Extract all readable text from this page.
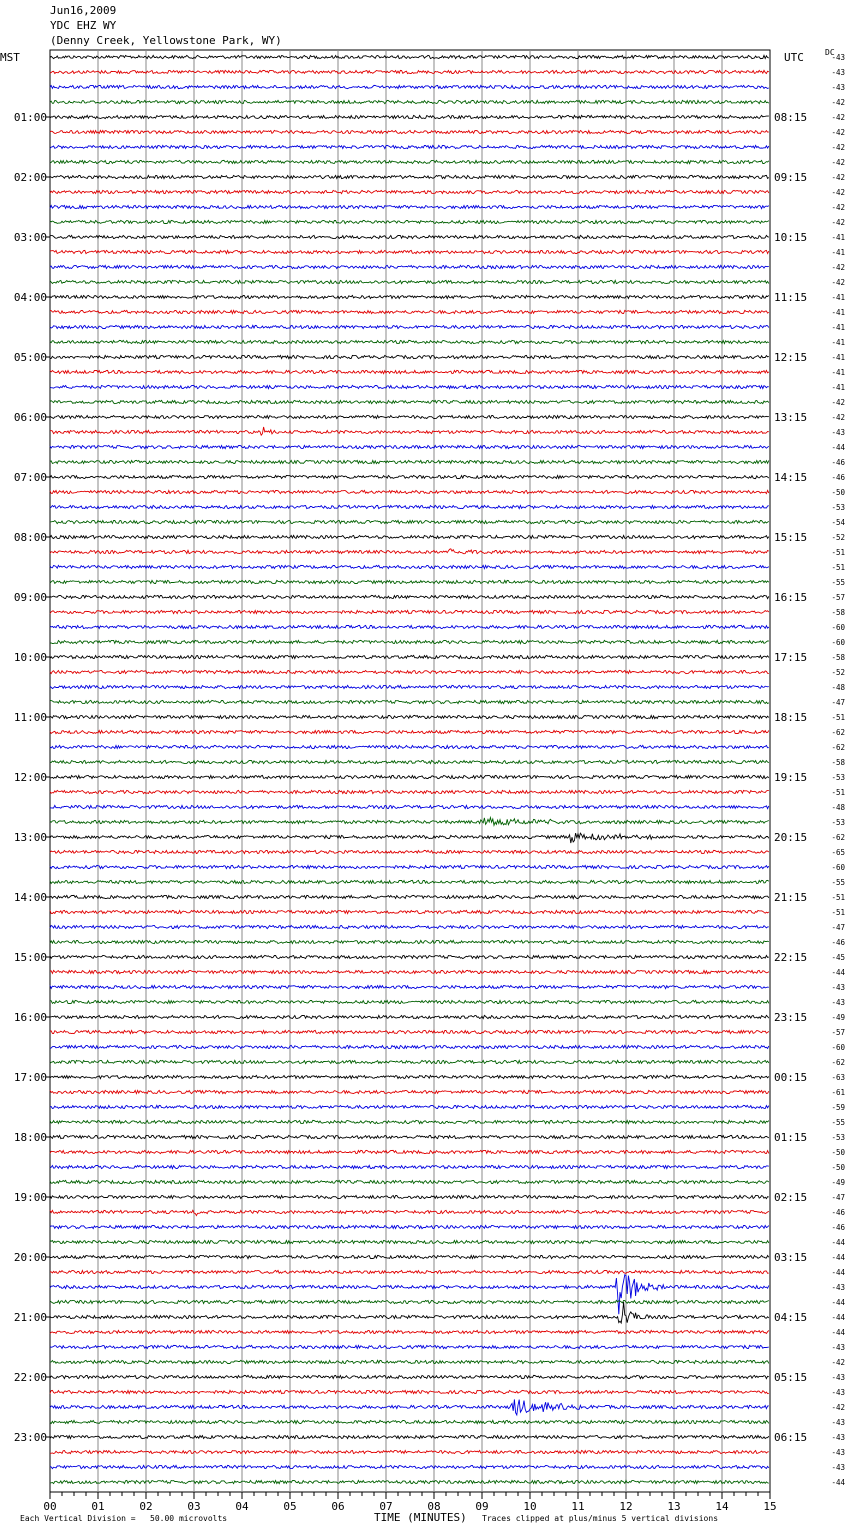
Jun16,2009
YDC EHZ WY
(Denny Creek, Yellowstone Park, WY)
MST	UTC	DC
00	01	02	03	04	05	06	07	08	09	10	11	12	13	14	15
-43
-43
-43
-42
-42
01:00	08:15
-42
-42
-42
-42
02:00	09:15
-42
-42
-42
-41
03:00	10:15
-41
-42
-42
-41
04:00	11:15
-41
-41
-41
-41
05:00	12:15
-41
-41
-42
-42
06:00	13:15
-43
-44
-46
-46
07:00	14:15
-50
-53
-54
-52
08:00	15:15
-51
-51
-55
-57
09:00	16:15
-58
-60
-60
-58
10:00	17:15
-52
-48
-47
-51
11:00	18:15
-62
-62
-58
-53
12:00	19:15
-51
-48
-53
-62
13:00	20:15
-65
-60
-55
-51
14:00	21:15
-51
-47
-46
-45
15:00	22:15
-44
-43
-43
-49
16:00	23:15
-57
-60
-62
-63
17:00	00:15
-61
-59
-55
-53
18:00	01:15
-50
-50
-49
-47
19:00	02:15
-46
-46
-44
-44
20:00	03:15
-44
-43
-44
-44
21:00	04:15
-44
-43
-42
-43
22:00	05:15
-43
-42
-43
-43
23:00	06:15
-43
-43
-44
Each Vertical Division =   50.00 microvolts	TIME (MINUTES) Traces clipped at plus/minus 5 vertical divisions
